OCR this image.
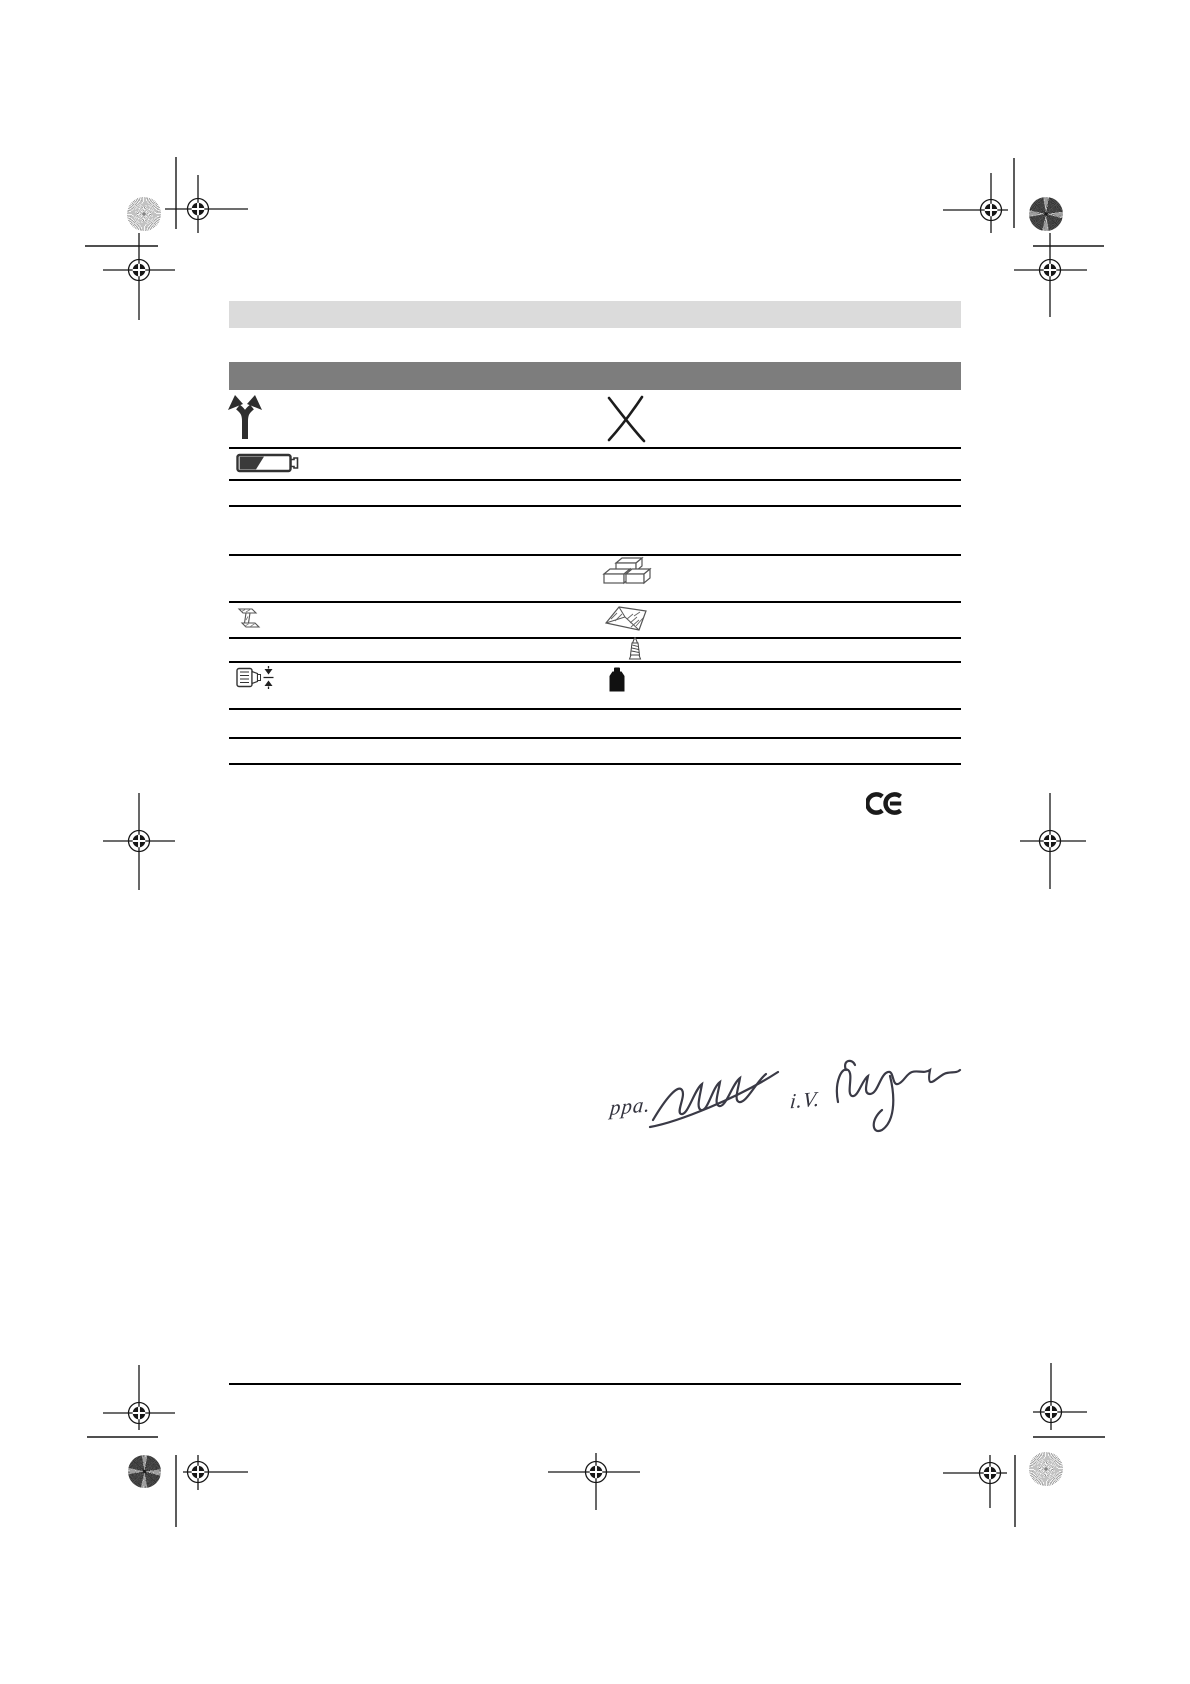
ppa.	i.V.
